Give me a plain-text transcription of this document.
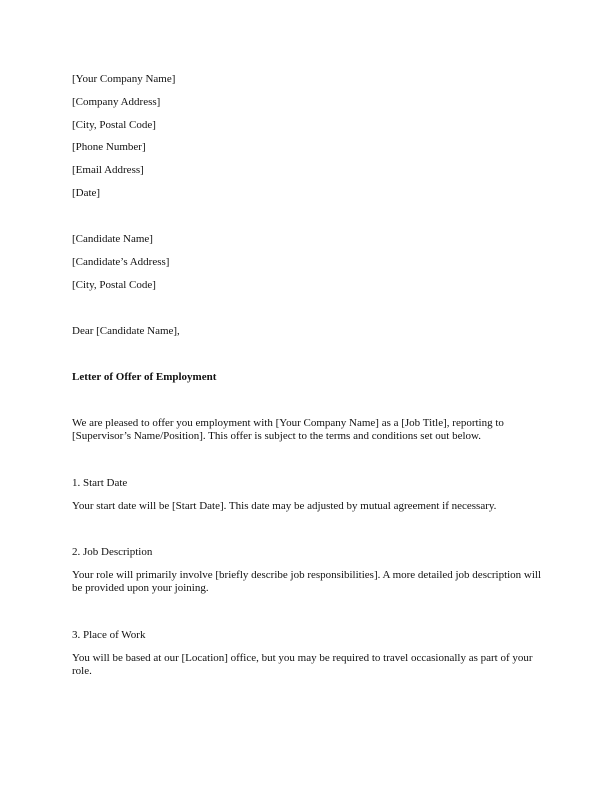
[Your Company Name]
[Company Address]
[City, Postal Code]
[Phone Number]
[Email Address]
[Date]
[Candidate Name]
[Candidate’s Address]
[City, Postal Code]
Dear [Candidate Name],
Letter of Offer of Employment
We are pleased to offer you employment with [Your Company Name] as a [Job Title], reporting to [Supervisor’s Name/Position]. This offer is subject to the terms and conditions set out below.
1. Start Date
Your start date will be [Start Date]. This date may be adjusted by mutual agreement if necessary.
2. Job Description
Your role will primarily involve [briefly describe job responsibilities]. A more detailed job description will be provided upon your joining.
3. Place of Work
You will be based at our [Location] office, but you may be required to travel occasionally as part of your role.
